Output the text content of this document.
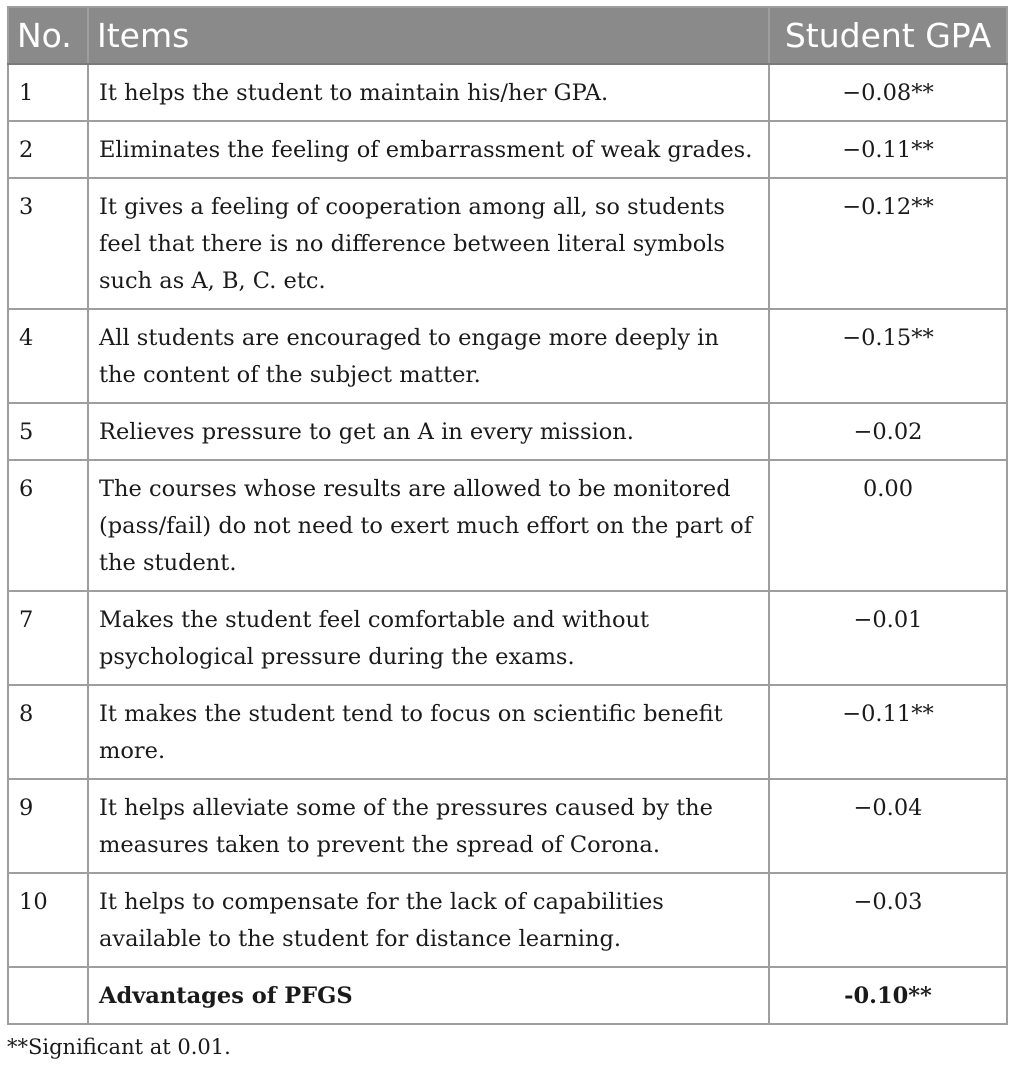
No.	Items	Student GPA
1	It helps the student to maintain his/her GPA.	−0.08**
2	Eliminates the feeling of embarrassment of weak grades.	−0.11**
3	It gives a feeling of cooperation among all, so students feel that there is no difference between literal symbols such as A, B, C. etc.	−0.12**
4	All students are encouraged to engage more deeply in the content of the subject matter.	−0.15**
5	Relieves pressure to get an A in every mission.	−0.02
6	The courses whose results are allowed to be monitored (pass/fail) do not need to exert much effort on the part of the student.	0.00
7	Makes the student feel comfortable and without psychological pressure during the exams.	−0.01
8	It makes the student tend to focus on scientific benefit more.	−0.11**
9	It helps alleviate some of the pressures caused by the measures taken to prevent the spread of Corona.	−0.04
10	It helps to compensate for the lack of capabilities available to the student for distance learning.	−0.03
	Advantages of PFGS	-0.10**
**Significant at 0.01.
